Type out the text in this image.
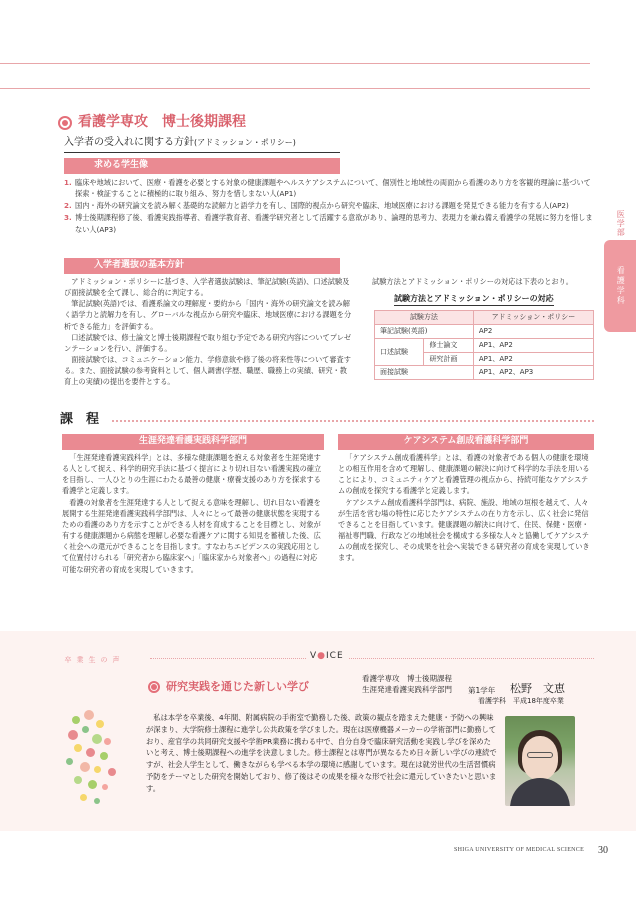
看護学専攻　博士後期課程
入学者の受入れに関する方針(アドミッション・ポリシー)
求める学生像
1. 臨床や地域において、医療・看護を必要とする対象の健康課題やヘルスケアシステムについて、個別性と地域性の両面から看護のあり方を客観的理論に基づいて探索・検証することに積極的に取り組み、努力を惜しまない人(AP1)
2. 国内・海外の研究論文を読み解く基礎的な読解力と語学力を有し、国際的視点から研究や臨床、地域医療における課題を発見できる能力を有する人(AP2)
3. 博士後期課程修了後、看護実践指導者、看護学教育者、看護学研究者として活躍する意欲があり、論理的思考力、表現力を兼ね備え看護学の発展に努力を惜しまない人(AP3)
入学者選抜の基本方針

アドミッション・ポリシーに基づき、入学者選抜試験は、筆記試験(英語)、口述試験及び面接試験を全て課し、総合的に判定する。

筆記試験(英語)では、看護系論文の理解度・要約から「国内・海外の研究論文を読み解く語学力と読解力を有し、グローバルな視点から研究や臨床、地域医療における課題を分析できる能力」を評価する。

口述試験では、修士論文と博士後期課程で取り組む予定である研究内容についてプレゼンテーションを行い、評価する。

面接試験では、コミュニケーション能力、学修意欲や修了後の将来性等について審査する。また、面接試験の参考資料として、個人調書(学歴、職歴、職務上の実績、研究・教育上の実績)の提出を要件とする。

試験方法とアドミッション・ポリシーの対応は下表のとおり。
試験方法とアドミッション・ポリシーの対応
試験方法		アドミッション・ポリシー
筆記試験(英語)		AP2
口述試験	修士論文	AP1、AP2
	研究計画	AP1、AP2
面接試験		AP1、AP2、AP3
課　程
生涯発達看護実践科学部門

「生涯発達看護実践科学」とは、多様な健康課題を抱える対象者を生涯発達する人として捉え、科学的研究手法に基づく提言により切れ目ない看護実践の確立を目指し、一人ひとりの生涯にわたる最善の健康・療養支援のあり方を探求する看護学と定義します。

看護の対象者を生涯発達する人として捉える意味を理解し、切れ目ない看護を展開する生涯発達看護実践科学部門は、人々にとって最善の健康状態を実現するための看護のあり方を示すことができる人材を育成することを目標とし、対象が有する健康課題から病態を理解し必要な看護ケアに関する知見を蓄積した後、広く社会への還元ができることを目指します。すなわちエビデンスの実践応用として位置付けられる「研究者から臨床家へ」「臨床家から対象者へ」の過程に対応可能な研究者の育成を実現していきます。

ケアシステム創成看護科学部門

「ケアシステム創成看護科学」とは、看護の対象者である個人の健康を環境との相互作用を含めて理解し、健康課題の解決に向けて科学的な手法を用いることにより、コミュニティケアと看護管理の視点から、持続可能なケアシステムの創成を探究する看護学と定義します。

ケアシステム創成看護科学部門は、病院、施設、地域の垣根を越えて、人々が生活を営む場の特性に応じたケアシステムの在り方を示し、広く社会に発信できることを目指しています。健康課題の解決に向けて、住民、保健・医療・福祉専門職、行政などの地域社会を構成する多様な人々と協働してケアシステムの創成を探究し、その成果を社会へ実装できる研究者の育成を実現していきます。

医学部
看護学科
卒 業 生 の 声	V●ICE
研究実践を通じた新しい学び
看護学専攻　博士後期課程
生涯発達看護実践科学部門 第1学年 松野　文恵
看護学科　平成18年度卒業
私は本学を卒業後、4年間、附属病院の手術室で勤務した後、政策の観点を踏まえた健康・予防への興味が深まり、大学院修士課程に進学し公共政策を学びました。現在は医療機器メーカーの学術部門に勤務しており、産官学の共同研究支援や学術PR業務に携わる中で、自分自身で臨床研究活動を実践し学びを深めたいと考え、博士後期課程への進学を決意しました。修士課程とは専門が異なるため日々新しい学びの連続ですが、社会人学生として、働きながらも学べる本学の環境に感謝しています。現在は就労世代の生活習慣病予防をテーマとした研究を開始しており、修了後はその成果を様々な形で社会に還元していきたいと思います。
SHIGA UNIVERSITY OF MEDICAL SCIENCE 30
